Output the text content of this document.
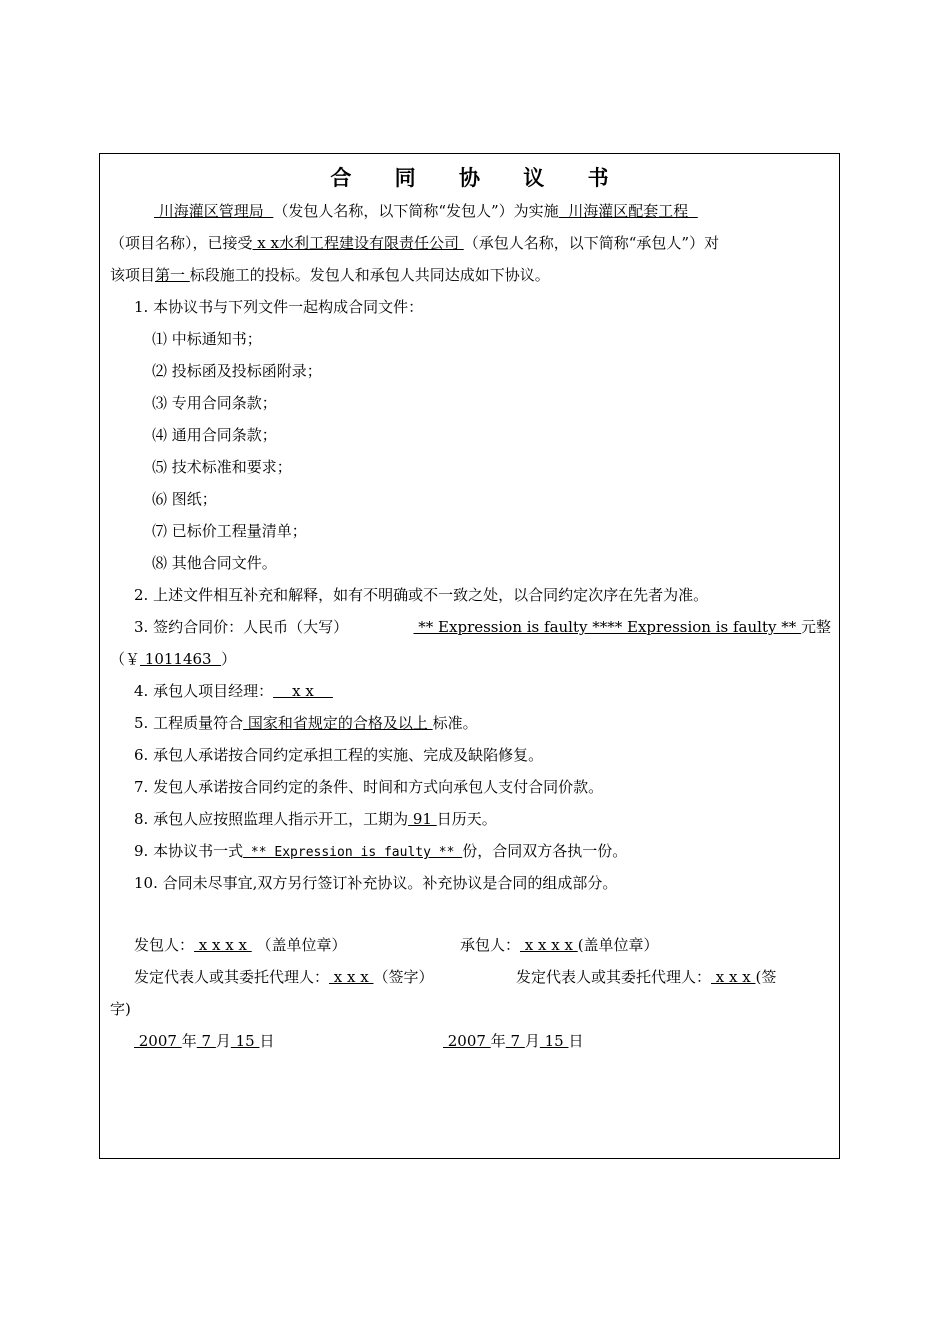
合 同 协 议 书
川海灌区管理局  （发包人名称，以下简称“发包人”）为实施  川海灌区配套工程
（项目名称），已接受 x x水利工程建设有限责任公司 （承包人名称，以下简称“承包人”）对
该项目第一 标段施工的投标。发包人和承包人共同达成如下协议。
1. 本协议书与下列文件一起构成合同文件：
⑴ 中标通知书；
⑵ 投标函及投标函附录；
⑶ 专用合同条款；
⑷ 通用合同条款；
⑸ 技术标准和要求；
⑹ 图纸；
⑺ 已标价工程量清单；
⑻ 其他合同文件。
2. 上述文件相互补充和解释，如有不明确或不一致之处，以合同约定次序在先者为准。
3. 签约合同价：人民币（大写）	** Expression is faulty **** Expression is faulty ** 元整
（￥ 1011463  ）
4. 承包人项目经理：    x x
5. 工程质量符合 国家和省规定的合格及以上 标准。
6. 承包人承诺按合同约定承担工程的实施、完成及缺陷修复。
7. 发包人承诺按合同约定的条件、时间和方式向承包人支付合同价款。
8. 承包人应按照监理人指示开工，工期为 91 日历天。
9. 本协议书一式 ** Expression is faulty ** 份，合同双方各执一份。
10. 合同未尽事宜,双方另行签订补充协议。补充协议是合同的组成部分。
发包人： x x x x  （盖单位章）	承包人： x x x x (盖单位章）
发定代表人或其委托代理人： x x x （签字）	发定代表人或其委托代理人： x x x (签
字)
2007 年 7 月 15 日	2007 年 7 月 15 日
